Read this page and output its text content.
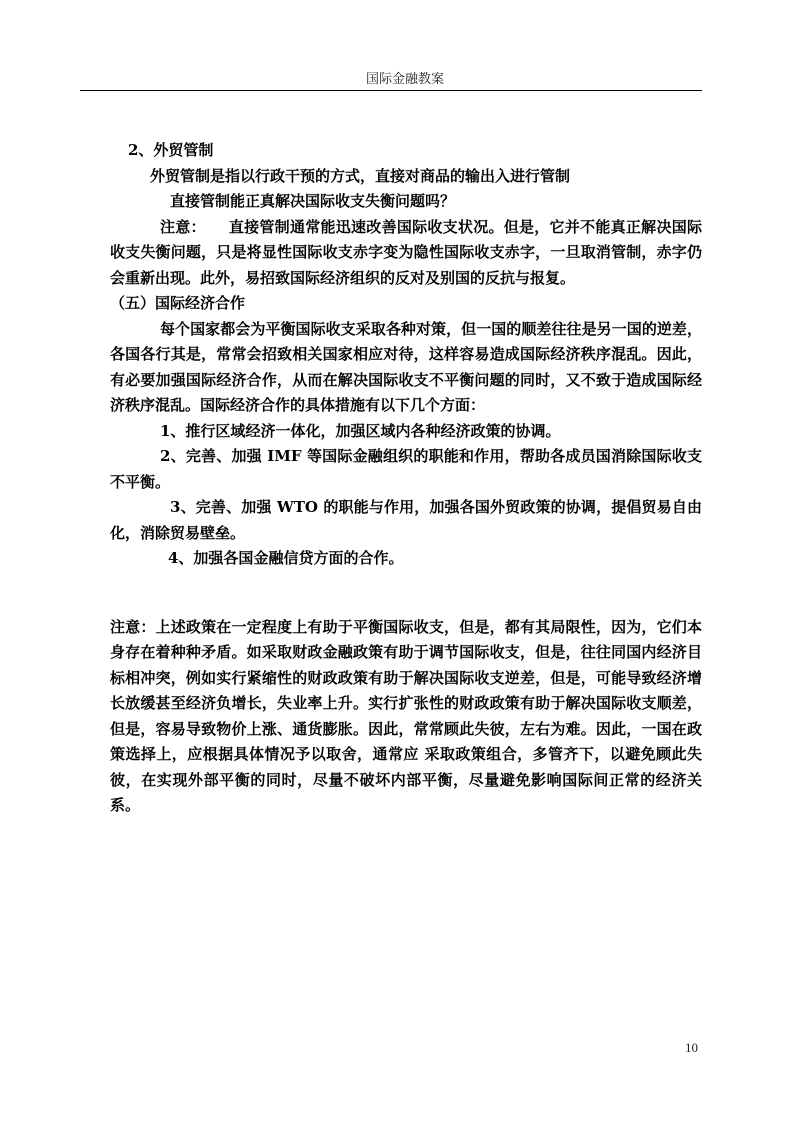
国际金融教案

2、外贸管制

外贸管制是指以行政干预的方式，直接对商品的输出入进行管制

直接管制能正真解决国际收支失衡问题吗？

注意：　　直接管制通常能迅速改善国际收支状况。但是，它并不能真正解决国际收支失衡问题，只是将显性国际收支赤字变为隐性国际收支赤字，一旦取消管制，赤字仍会重新出现。此外，易招致国际经济组织的反对及别国的反抗与报复。

（五）国际经济合作

每个国家都会为平衡国际收支采取各种对策，但一国的顺差往往是另一国的逆差，各国各行其是，常常会招致相关国家相应对待，这样容易造成国际经济秩序混乱。因此，有必要加强国际经济合作，从而在解决国际收支不平衡问题的同时，又不致于造成国际经济秩序混乱。国际经济合作的具体措施有以下几个方面：

1、推行区域经济一体化，加强区域内各种经济政策的协调。

2、完善、加强 IMF 等国际金融组织的职能和作用，帮助各成员国消除国际收支不平衡。

3、完善、加强 WTO 的职能与作用，加强各国外贸政策的协调，提倡贸易自由化，消除贸易壁垒。

4、加强各国金融信贷方面的合作。

注意：上述政策在一定程度上有助于平衡国际收支，但是，都有其局限性，因为，它们本身存在着种种矛盾。如采取财政金融政策有助于调节国际收支，但是，往往同国内经济目标相冲突，例如实行紧缩性的财政政策有助于解决国际收支逆差，但是，可能导致经济增长放缓甚至经济负增长，失业率上升。实行扩张性的财政政策有助于解决国际收支顺差，但是，容易导致物价上涨、通货膨胀。因此，常常顾此失彼，左右为难。因此，一国在政策选择上，应根据具体情况予以取舍，通常应 采取政策组合，多管齐下，以避免顾此失彼，在实现外部平衡的同时，尽量不破坏内部平衡，尽量避免影响国际间正常的经济关系。

10
